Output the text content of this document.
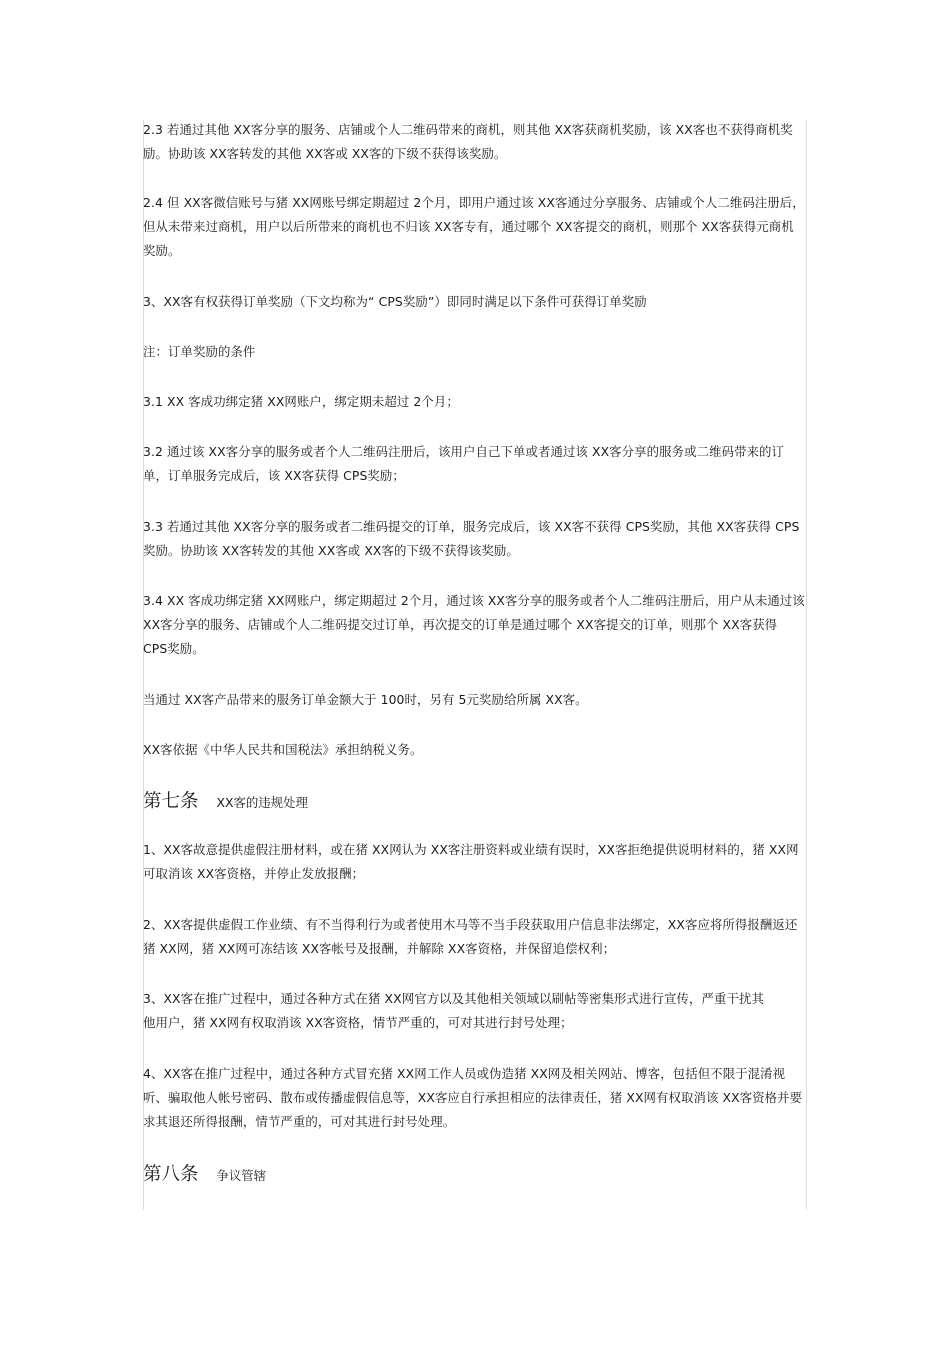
2.3 若通过其他 XX客分享的服务、店铺或个人二维码带来的商机，则其他 XX客获商机奖励，该 XX客也不获得商机奖励。协助该 XX客转发的其他 XX客或 XX客的下级不获得该奖励。

2.4 但 XX客微信账号与猪 XX网账号绑定期超过 2个月，即用户通过该 XX客通过分享服务、店铺或个人二维码注册后，但从未带来过商机，用户以后所带来的商机也不归该 XX客专有，通过哪个 XX客提交的商机，则那个 XX客获得元商机奖励。

3、XX客有权获得订单奖励（下文均称为“ CPS奖励”）即同时满足以下条件可获得订单奖励

注：订单奖励的条件

3.1 XX 客成功绑定猪 XX网账户，绑定期未超过 2个月；

3.2 通过该 XX客分享的服务或者个人二维码注册后，该用户自己下单或者通过该 XX客分享的服务或二维码带来的订单，订单服务完成后，该 XX客获得 CPS奖励；

3.3 若通过其他 XX客分享的服务或者二维码提交的订单，服务完成后，该 XX客不获得 CPS奖励，其他 XX客获得 CPS奖励。协助该 XX客转发的其他 XX客或 XX客的下级不获得该奖励。

3.4 XX 客成功绑定猪 XX网账户，绑定期超过 2个月，通过该 XX客分享的服务或者个人二维码注册后，用户从未通过该 XX客分享的服务、店铺或个人二维码提交过订单，再次提交的订单是通过哪个 XX客提交的订单，则那个 XX客获得 CPS奖励。

当通过 XX客产品带来的服务订单金额大于 100时，另有 5元奖励给所属 XX客。

XX客依据《中华人民共和国税法》承担纳税义务。

第七条 XX客的违规处理

1、XX客故意提供虚假注册材料，或在猪 XX网认为 XX客注册资料或业绩有误时，XX客拒绝提供说明材料的，猪 XX网可取消该 XX客资格，并停止发放报酬；

2、XX客提供虚假工作业绩、有不当得利行为或者使用木马等不当手段获取用户信息非法绑定，XX客应将所得报酬返还猪 XX网，猪 XX网可冻结该 XX客帐号及报酬，并解除 XX客资格，并保留追偿权利；

3、XX客在推广过程中，通过各种方式在猪 XX网官方以及其他相关领域以刷帖等密集形式进行宣传，严重干扰其他用户，猪 XX网有权取消该 XX客资格，情节严重的，可对其进行封号处理；

4、XX客在推广过程中，通过各种方式冒充猪 XX网工作人员或伪造猪 XX网及相关网站、博客，包括但不限于混淆视听、骗取他人帐号密码、散布或传播虚假信息等，XX客应自行承担相应的法律责任，猪 XX网有权取消该 XX客资格并要求其退还所得报酬，情节严重的，可对其进行封号处理。

第八条 争议管辖
